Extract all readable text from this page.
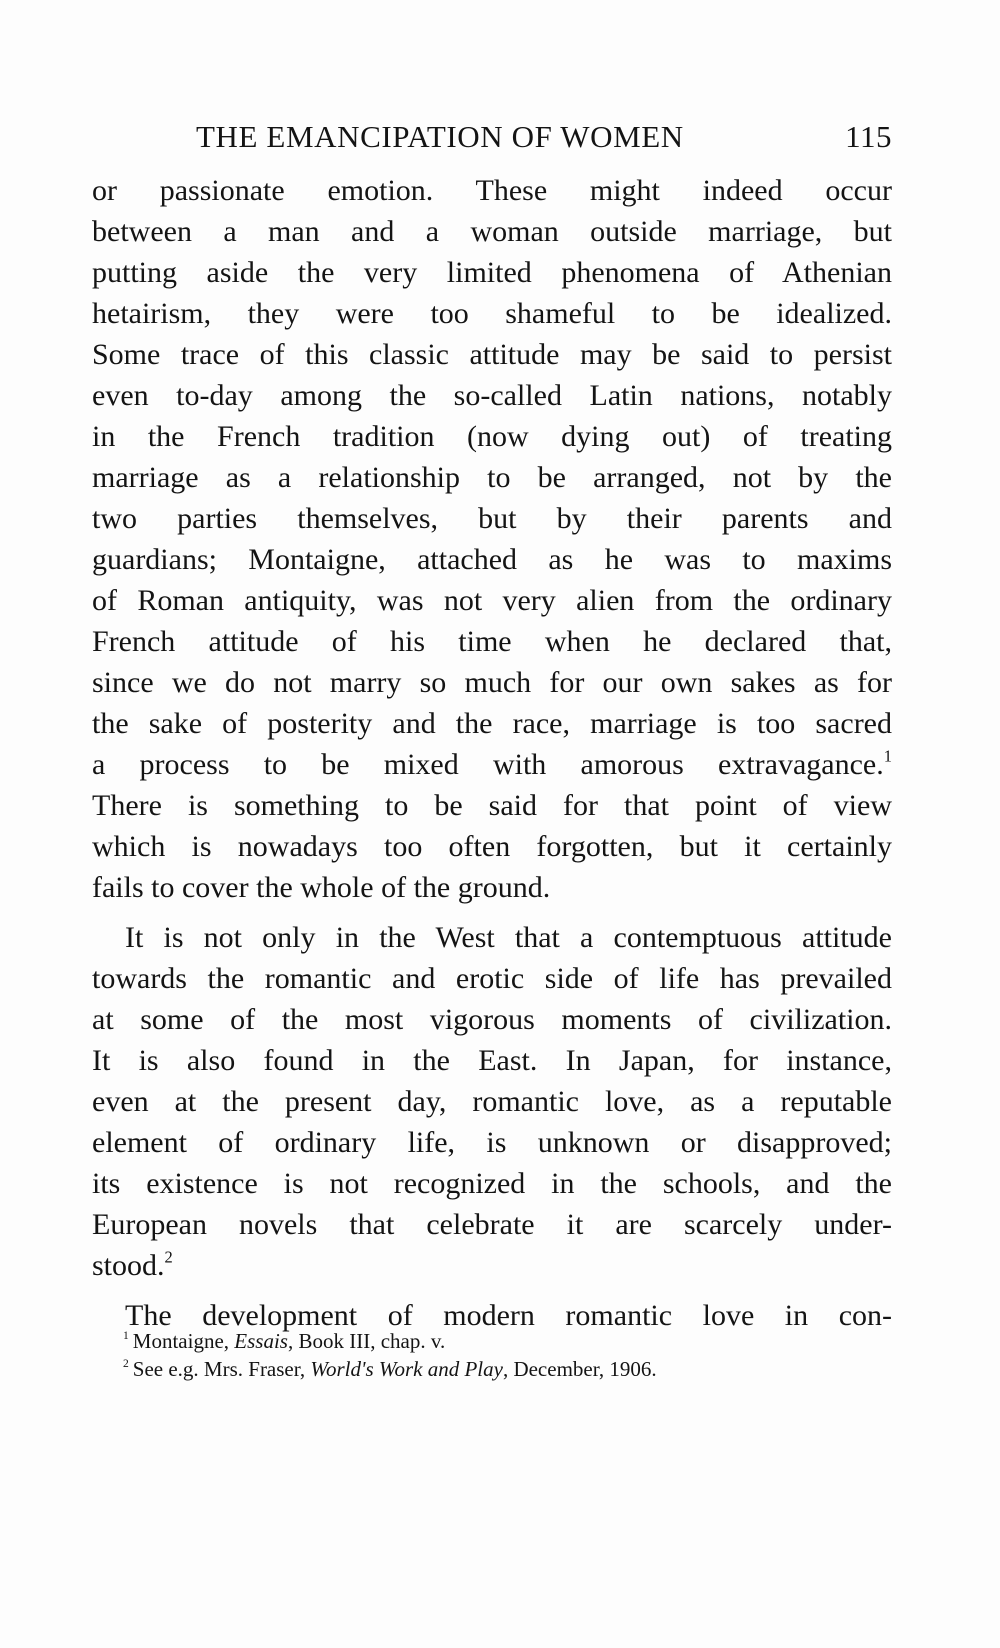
THE EMANCIPATION OF WOMEN	115
or passionate emotion. These might indeed occur
between a man and a woman outside marriage, but
putting aside the very limited phenomena of Athenian
hetairism, they were too shameful to be idealized.
Some trace of this classic attitude may be said to persist
even to-day among the so-called Latin nations, notably
in the French tradition (now dying out) of treating
marriage as a relationship to be arranged, not by the
two parties themselves, but by their parents and
guardians; Montaigne, attached as he was to maxims
of Roman antiquity, was not very alien from the ordinary
French attitude of his time when he declared that,
since we do not marry so much for our own sakes as for
the sake of posterity and the race, marriage is too sacred
a process to be mixed with amorous extravagance.$^1$
There is something to be said for that point of view
which is nowadays too often forgotten, but it certainly
fails to cover the whole of the ground.
It is not only in the West that a contemptuous attitude
towards the romantic and erotic side of life has prevailed
at some of the most vigorous moments of civilization.
It is also found in the East. In Japan, for instance,
even at the present day, romantic love, as a reputable
element of ordinary life, is unknown or disapproved;
its existence is not recognized in the schools, and the
European novels that celebrate it are scarcely under-
stood.$^2$
The development of modern romantic love in con-
$^1$ Montaigne, Essais, Book III, chap. v.
$^2$ See e.g. Mrs. Fraser, World's Work and Play, December, 1906.
